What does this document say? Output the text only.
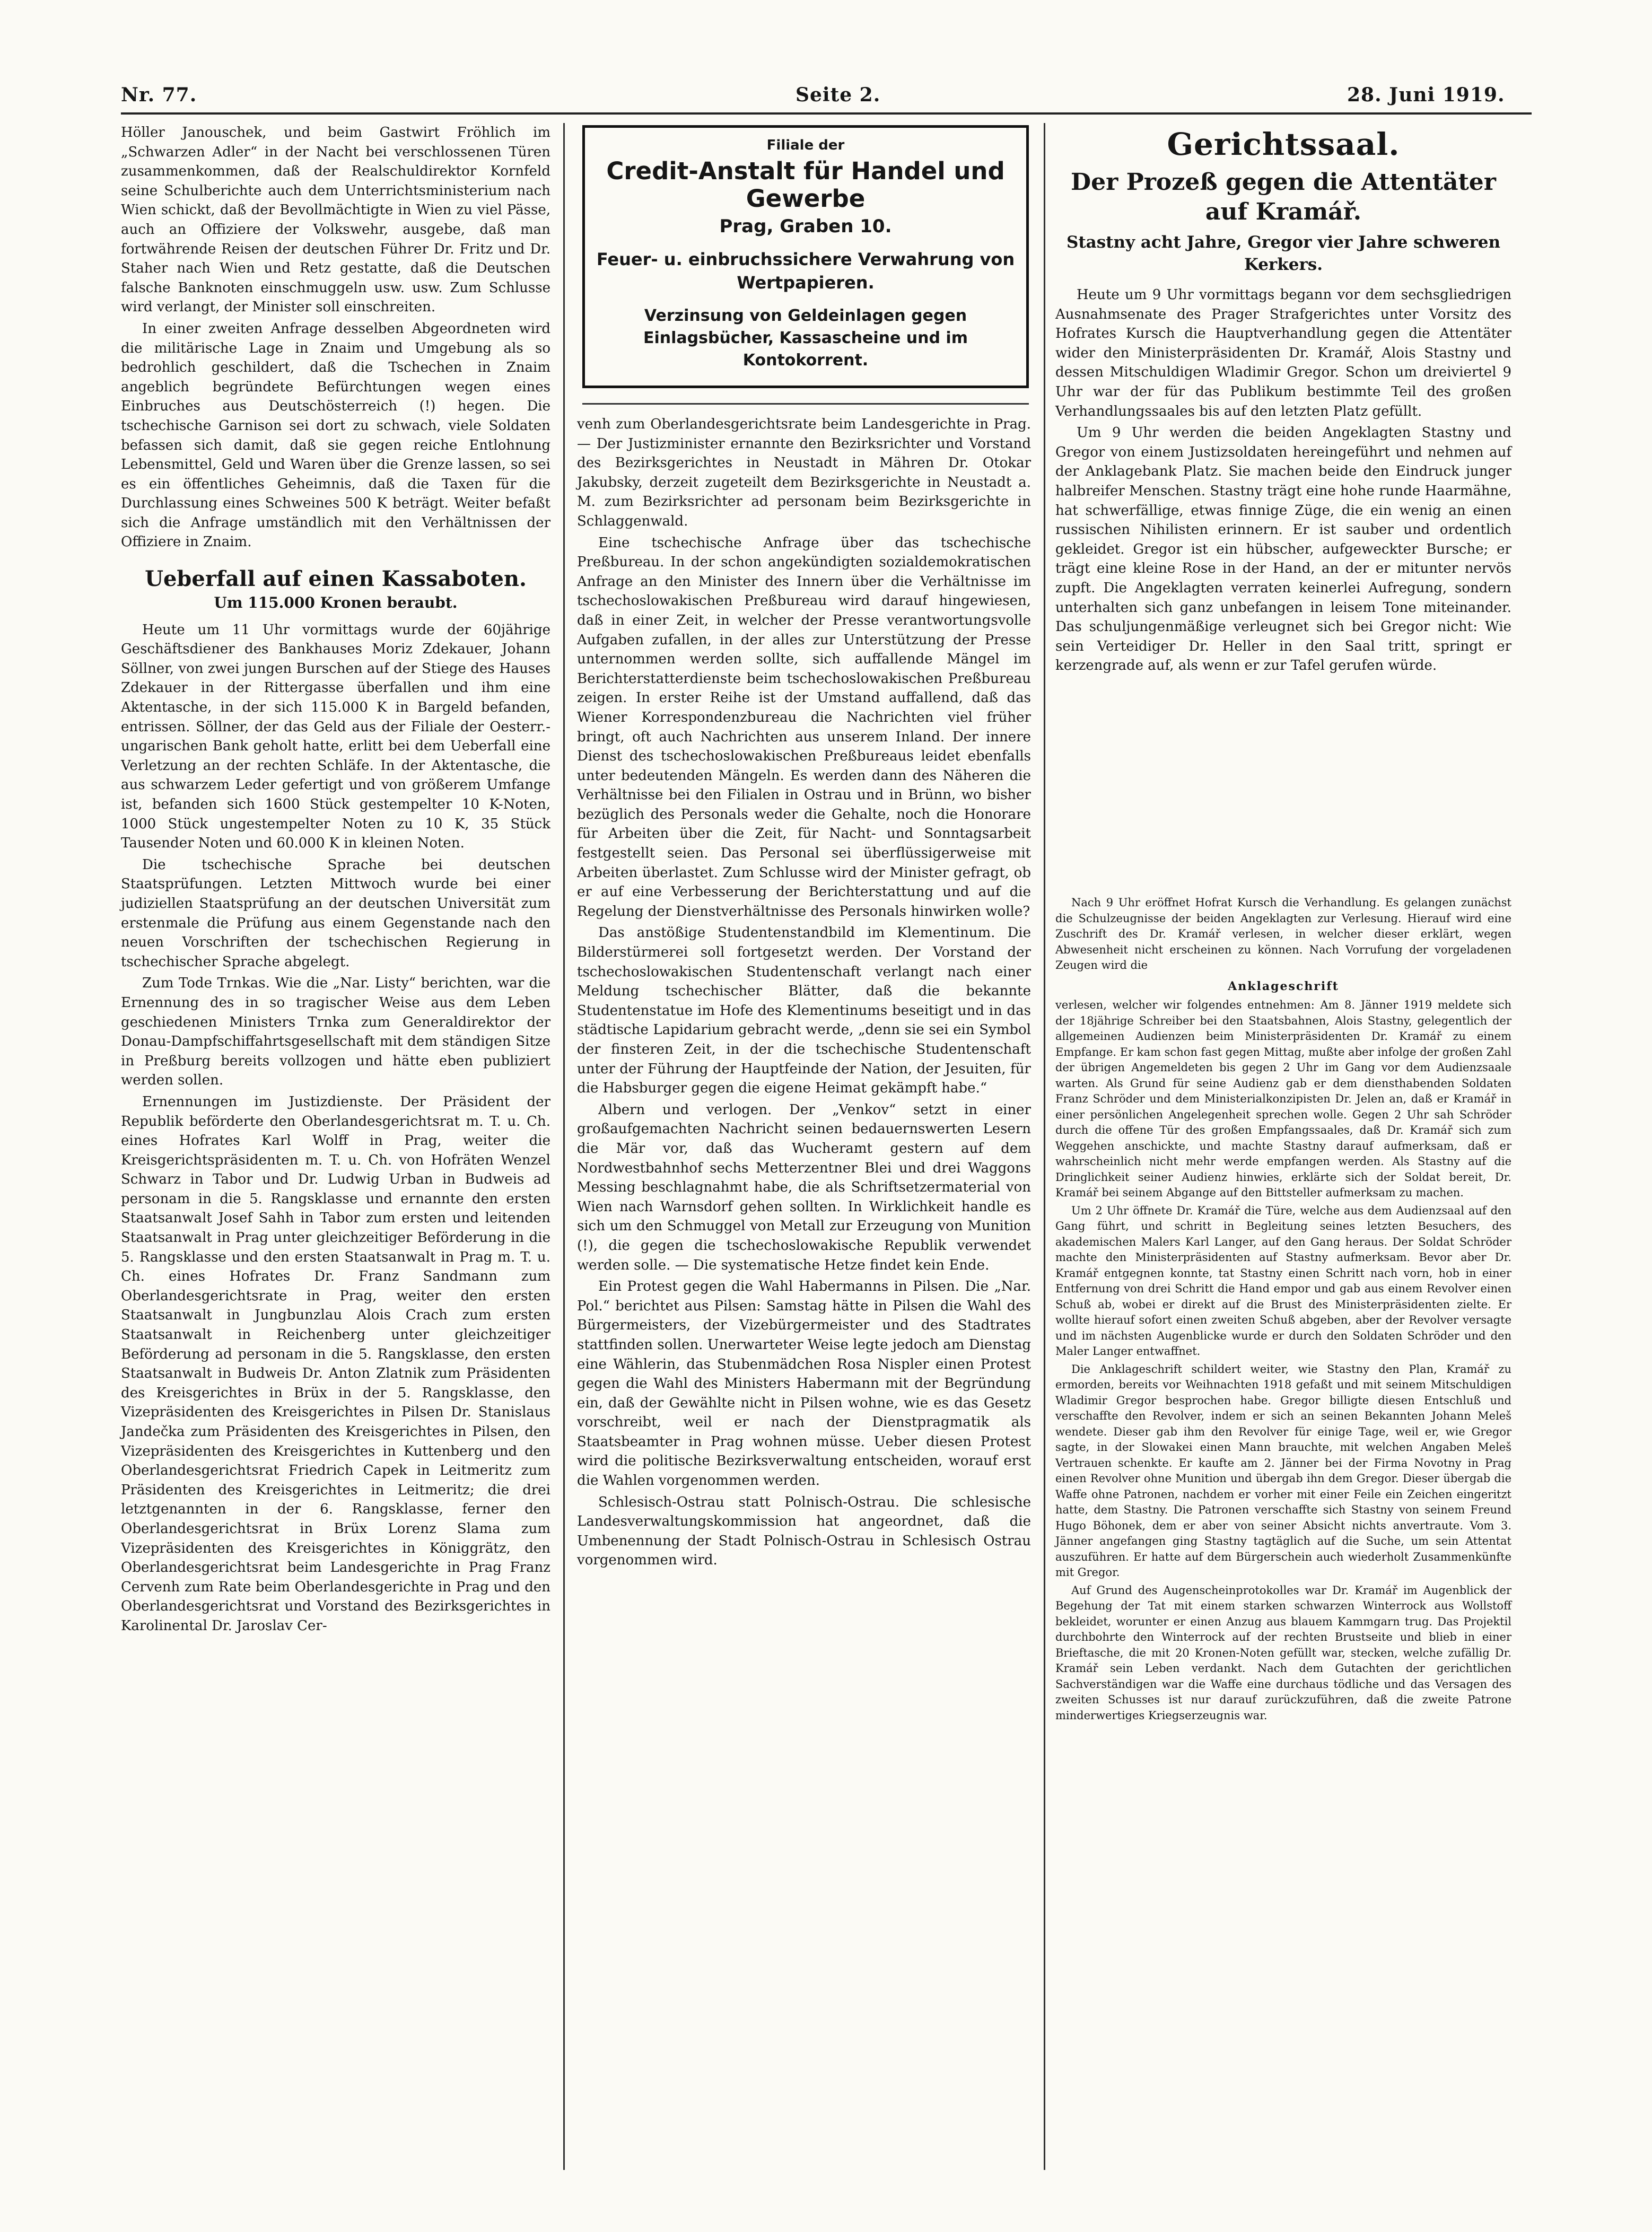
Nr. 77.	Seite 2.	28. Juni 1919.

Höller Janouschek, und beim Gastwirt Fröhlich im „Schwarzen Adler“ in der Nacht bei verschlossenen Türen zusammenkommen, daß der Realschuldirektor Kornfeld seine Schulberichte auch dem Unterrichtsministerium nach Wien schickt, daß der Bevollmächtigte in Wien zu viel Pässe, auch an Offiziere der Volkswehr, ausgebe, daß man fortwährende Reisen der deutschen Führer Dr. Fritz und Dr. Staher nach Wien und Retz gestatte, daß die Deutschen falsche Banknoten einschmuggeln usw. usw. Zum Schlusse wird verlangt, der Minister soll einschreiten.

In einer zweiten Anfrage desselben Abgeordneten wird die militärische Lage in Znaim und Umgebung als so bedrohlich geschildert, daß die Tschechen in Znaim angeblich begründete Befürchtungen wegen eines Einbruches aus Deutschösterreich (!) hegen. Die tschechische Garnison sei dort zu schwach, viele Soldaten befassen sich damit, daß sie gegen reiche Entlohnung Lebensmittel, Geld und Waren über die Grenze lassen, so sei es ein öffentliches Geheimnis, daß die Taxen für die Durchlassung eines Schweines 500 K beträgt. Weiter befaßt sich die Anfrage umständlich mit den Verhältnissen der Offiziere in Znaim.

Ueberfall auf einen Kassaboten.
Um 115.000 Kronen beraubt.

Heute um 11 Uhr vormittags wurde der 60jährige Geschäftsdiener des Bankhauses Moriz Zdekauer, Johann Söllner, von zwei jungen Burschen auf der Stiege des Hauses Zdekauer in der Rittergasse überfallen und ihm eine Aktentasche, in der sich 115.000 K in Bargeld befanden, entrissen. Söllner, der das Geld aus der Filiale der Oesterr.-ungarischen Bank geholt hatte, erlitt bei dem Ueberfall eine Verletzung an der rechten Schläfe. In der Aktentasche, die aus schwarzem Leder gefertigt und von größerem Umfange ist, befanden sich 1600 Stück gestempelter 10 K-Noten, 1000 Stück ungestempelter Noten zu 10 K, 35 Stück Tausender Noten und 60.000 K in kleinen Noten.

Die tschechische Sprache bei deutschen Staatsprüfungen. Letzten Mittwoch wurde bei einer judiziellen Staatsprüfung an der deutschen Universität zum erstenmale die Prüfung aus einem Gegenstande nach den neuen Vorschriften der tschechischen Regierung in tschechischer Sprache abgelegt.

Zum Tode Trnkas. Wie die „Nar. Listy“ berichten, war die Ernennung des in so tragischer Weise aus dem Leben geschiedenen Ministers Trnka zum Generaldirektor der Donau-Dampfschiffahrtsgesellschaft mit dem ständigen Sitze in Preßburg bereits vollzogen und hätte eben publiziert werden sollen.

Ernennungen im Justizdienste. Der Präsident der Republik beförderte den Oberlandesgerichtsrat m. T. u. Ch. eines Hofrates Karl Wolff in Prag, weiter die Kreisgerichtspräsidenten m. T. u. Ch. von Hofräten Wenzel Schwarz in Tabor und Dr. Ludwig Urban in Budweis ad personam in die 5. Rangsklasse und ernannte den ersten Staatsanwalt Josef Sahh in Tabor zum ersten und leitenden Staatsanwalt in Prag unter gleichzeitiger Beförderung in die 5. Rangsklasse und den ersten Staatsanwalt in Prag m. T. u. Ch. eines Hofrates Dr. Franz Sandmann zum Oberlandesgerichtsrate in Prag, weiter den ersten Staatsanwalt in Jungbunzlau Alois Crach zum ersten Staatsanwalt in Reichenberg unter gleichzeitiger Beförderung ad personam in die 5. Rangsklasse, den ersten Staatsanwalt in Budweis Dr. Anton Zlatnik zum Präsidenten des Kreisgerichtes in Brüx in der 5. Rangsklasse, den Vizepräsidenten des Kreisgerichtes in Pilsen Dr. Stanislaus Jandečka zum Präsidenten des Kreisgerichtes in Pilsen, den Vizepräsidenten des Kreisgerichtes in Kuttenberg und den Oberlandesgerichtsrat Friedrich Capek in Leitmeritz zum Präsidenten des Kreisgerichtes in Leitmeritz; die drei letztgenannten in der 6. Rangsklasse, ferner den Oberlandesgerichtsrat in Brüx Lorenz Slama zum Vizepräsidenten des Kreisgerichtes in Königgrätz, den Oberlandesgerichtsrat beim Landesgerichte in Prag Franz Cervenh zum Rate beim Oberlandesgerichte in Prag und den Oberlandesgerichtsrat und Vorstand des Bezirksgerichtes in Karolinental Dr. Jaroslav Cer-

Filiale der
Credit-Anstalt für Handel und Gewerbe
Prag, Graben 10.
Feuer- u. einbruchssichere Verwahrung von Wertpapieren.
Verzinsung von Geldeinlagen gegen Einlagsbücher, Kassascheine und im Kontokorrent.

venh zum Oberlandesgerichtsrate beim Landesgerichte in Prag. — Der Justizminister ernannte den Bezirksrichter und Vorstand des Bezirksgerichtes in Neustadt in Mähren Dr. Otokar Jakubsky, derzeit zugeteilt dem Bezirksgerichte in Neustadt a. M. zum Bezirksrichter ad personam beim Bezirksgerichte in Schlaggenwald.

Eine tschechische Anfrage über das tschechische Preßbureau. In der schon angekündigten sozialdemokratischen Anfrage an den Minister des Innern über die Verhältnisse im tschechoslowakischen Preßbureau wird darauf hingewiesen, daß in einer Zeit, in welcher der Presse verantwortungsvolle Aufgaben zufallen, in der alles zur Unterstützung der Presse unternommen werden sollte, sich auffallende Mängel im Berichterstatterdienste beim tschechoslowakischen Preßbureau zeigen. In erster Reihe ist der Umstand auffallend, daß das Wiener Korrespondenzbureau die Nachrichten viel früher bringt, oft auch Nachrichten aus unserem Inland. Der innere Dienst des tschechoslowakischen Preßbureaus leidet ebenfalls unter bedeutenden Mängeln. Es werden dann des Näheren die Verhältnisse bei den Filialen in Ostrau und in Brünn, wo bisher bezüglich des Personals weder die Gehalte, noch die Honorare für Arbeiten über die Zeit, für Nacht- und Sonntagsarbeit festgestellt seien. Das Personal sei überflüssigerweise mit Arbeiten überlastet. Zum Schlusse wird der Minister gefragt, ob er auf eine Verbesserung der Berichterstattung und auf die Regelung der Dienstverhältnisse des Personals hinwirken wolle?

Das anstößige Studentenstandbild im Klementinum. Die Bilderstürmerei soll fortgesetzt werden. Der Vorstand der tschechoslowakischen Studentenschaft verlangt nach einer Meldung tschechischer Blätter, daß die bekannte Studentenstatue im Hofe des Klementinums beseitigt und in das städtische Lapidarium gebracht werde, „denn sie sei ein Symbol der finsteren Zeit, in der die tschechische Studentenschaft unter der Führung der Hauptfeinde der Nation, der Jesuiten, für die Habsburger gegen die eigene Heimat gekämpft habe.“

Albern und verlogen. Der „Venkov“ setzt in einer großaufgemachten Nachricht seinen bedauernswerten Lesern die Mär vor, daß das Wucheramt gestern auf dem Nordwestbahnhof sechs Metterzentner Blei und drei Waggons Messing beschlagnahmt habe, die als Schriftsetzermaterial von Wien nach Warnsdorf gehen sollten. In Wirklichkeit handle es sich um den Schmuggel von Metall zur Erzeugung von Munition (!), die gegen die tschechoslowakische Republik verwendet werden solle. — Die systematische Hetze findet kein Ende.

Ein Protest gegen die Wahl Habermanns in Pilsen. Die „Nar. Pol.“ berichtet aus Pilsen: Samstag hätte in Pilsen die Wahl des Bürgermeisters, der Vizebürgermeister und des Stadtrates stattfinden sollen. Unerwarteter Weise legte jedoch am Dienstag eine Wählerin, das Stubenmädchen Rosa Nispler einen Protest gegen die Wahl des Ministers Habermann mit der Begründung ein, daß der Gewählte nicht in Pilsen wohne, wie es das Gesetz vorschreibt, weil er nach der Dienstpragmatik als Staatsbeamter in Prag wohnen müsse. Ueber diesen Protest wird die politische Bezirksverwaltung entscheiden, worauf erst die Wahlen vorgenommen werden.

Schlesisch-Ostrau statt Polnisch-Ostrau. Die schlesische Landesverwaltungskommission hat angeordnet, daß die Umbenennung der Stadt Polnisch-Ostrau in Schlesisch Ostrau vorgenommen wird.

Gerichtssaal.
Der Prozeß gegen die Attentäter auf Kramář.
Stastny acht Jahre, Gregor vier Jahre schweren Kerkers.

Heute um 9 Uhr vormittags begann vor dem sechsgliedrigen Ausnahmsenate des Prager Strafgerichtes unter Vorsitz des Hofrates Kursch die Hauptverhandlung gegen die Attentäter wider den Ministerpräsidenten Dr. Kramář, Alois Stastny und dessen Mitschuldigen Wladimir Gregor. Schon um dreiviertel 9 Uhr war der für das Publikum bestimmte Teil des großen Verhandlungssaales bis auf den letzten Platz gefüllt.

Um 9 Uhr werden die beiden Angeklagten Stastny und Gregor von einem Justizsoldaten hereingeführt und nehmen auf der Anklagebank Platz. Sie machen beide den Eindruck junger halbreifer Menschen. Stastny trägt eine hohe runde Haarmähne, hat schwerfällige, etwas finnige Züge, die ein wenig an einen russischen Nihilisten erinnern. Er ist sauber und ordentlich gekleidet. Gregor ist ein hübscher, aufgeweckter Bursche; er trägt eine kleine Rose in der Hand, an der er mitunter nervös zupft. Die Angeklagten verraten keinerlei Aufregung, sondern unterhalten sich ganz unbefangen in leisem Tone miteinander. Das schuljungenmäßige verleugnet sich bei Gregor nicht: Wie sein Verteidiger Dr. Heller in den Saal tritt, springt er kerzengrade auf, als wenn er zur Tafel gerufen würde.

Nach 9 Uhr eröffnet Hofrat Kursch die Verhandlung. Es gelangen zunächst die Schulzeugnisse der beiden Angeklagten zur Verlesung. Hierauf wird eine Zuschrift des Dr. Kramář verlesen, in welcher dieser erklärt, wegen Abwesenheit nicht erscheinen zu können. Nach Vorrufung der vorgeladenen Zeugen wird die

Anklageschrift

verlesen, welcher wir folgendes entnehmen: Am 8. Jänner 1919 meldete sich der 18jährige Schreiber bei den Staatsbahnen, Alois Stastny, gelegentlich der allgemeinen Audienzen beim Ministerpräsidenten Dr. Kramář zu einem Empfange. Er kam schon fast gegen Mittag, mußte aber infolge der großen Zahl der übrigen Angemeldeten bis gegen 2 Uhr im Gang vor dem Audienzsaale warten. Als Grund für seine Audienz gab er dem diensthabenden Soldaten Franz Schröder und dem Ministerialkonzipisten Dr. Jelen an, daß er Kramář in einer persönlichen Angelegenheit sprechen wolle. Gegen 2 Uhr sah Schröder durch die offene Tür des großen Empfangssaales, daß Dr. Kramář sich zum Weggehen anschickte, und machte Stastny darauf aufmerksam, daß er wahrscheinlich nicht mehr werde empfangen werden. Als Stastny auf die Dringlichkeit seiner Audienz hinwies, erklärte sich der Soldat bereit, Dr. Kramář bei seinem Abgange auf den Bittsteller aufmerksam zu machen.

Um 2 Uhr öffnete Dr. Kramář die Türe, welche aus dem Audienzsaal auf den Gang führt, und schritt in Begleitung seines letzten Besuchers, des akademischen Malers Karl Langer, auf den Gang heraus. Der Soldat Schröder machte den Ministerpräsidenten auf Stastny aufmerksam. Bevor aber Dr. Kramář entgegnen konnte, tat Stastny einen Schritt nach vorn, hob in einer Entfernung von drei Schritt die Hand empor und gab aus einem Revolver einen Schuß ab, wobei er direkt auf die Brust des Ministerpräsidenten zielte. Er wollte hierauf sofort einen zweiten Schuß abgeben, aber der Revolver versagte und im nächsten Augenblicke wurde er durch den Soldaten Schröder und den Maler Langer entwaffnet.

Die Anklageschrift schildert weiter, wie Stastny den Plan, Kramář zu ermorden, bereits vor Weihnachten 1918 gefaßt und mit seinem Mitschuldigen Wladimir Gregor besprochen habe. Gregor billigte diesen Entschluß und verschaffte den Revolver, indem er sich an seinen Bekannten Johann Meleš wendete. Dieser gab ihm den Revolver für einige Tage, weil er, wie Gregor sagte, in der Slowakei einen Mann brauchte, mit welchen Angaben Meleš Vertrauen schenkte. Er kaufte am 2. Jänner bei der Firma Novotny in Prag einen Revolver ohne Munition und übergab ihn dem Gregor. Dieser übergab die Waffe ohne Patronen, nachdem er vorher mit einer Feile ein Zeichen eingeritzt hatte, dem Stastny. Die Patronen verschaffte sich Stastny von seinem Freund Hugo Böhonek, dem er aber von seiner Absicht nichts anvertraute. Vom 3. Jänner angefangen ging Stastny tagtäglich auf die Suche, um sein Attentat auszuführen. Er hatte auf dem Bürgerschein auch wiederholt Zusammenkünfte mit Gregor.

Auf Grund des Augenscheinprotokolles war Dr. Kramář im Augenblick der Begehung der Tat mit einem starken schwarzen Winterrock aus Wollstoff bekleidet, worunter er einen Anzug aus blauem Kammgarn trug. Das Projektil durchbohrte den Winterrock auf der rechten Brustseite und blieb in einer Brieftasche, die mit 20 Kronen-Noten gefüllt war, stecken, welche zufällig Dr. Kramář sein Leben verdankt. Nach dem Gutachten der gerichtlichen Sachverständigen war die Waffe eine durchaus tödliche und das Versagen des zweiten Schusses ist nur darauf zurückzuführen, daß die zweite Patrone minderwertiges Kriegserzeugnis war.
